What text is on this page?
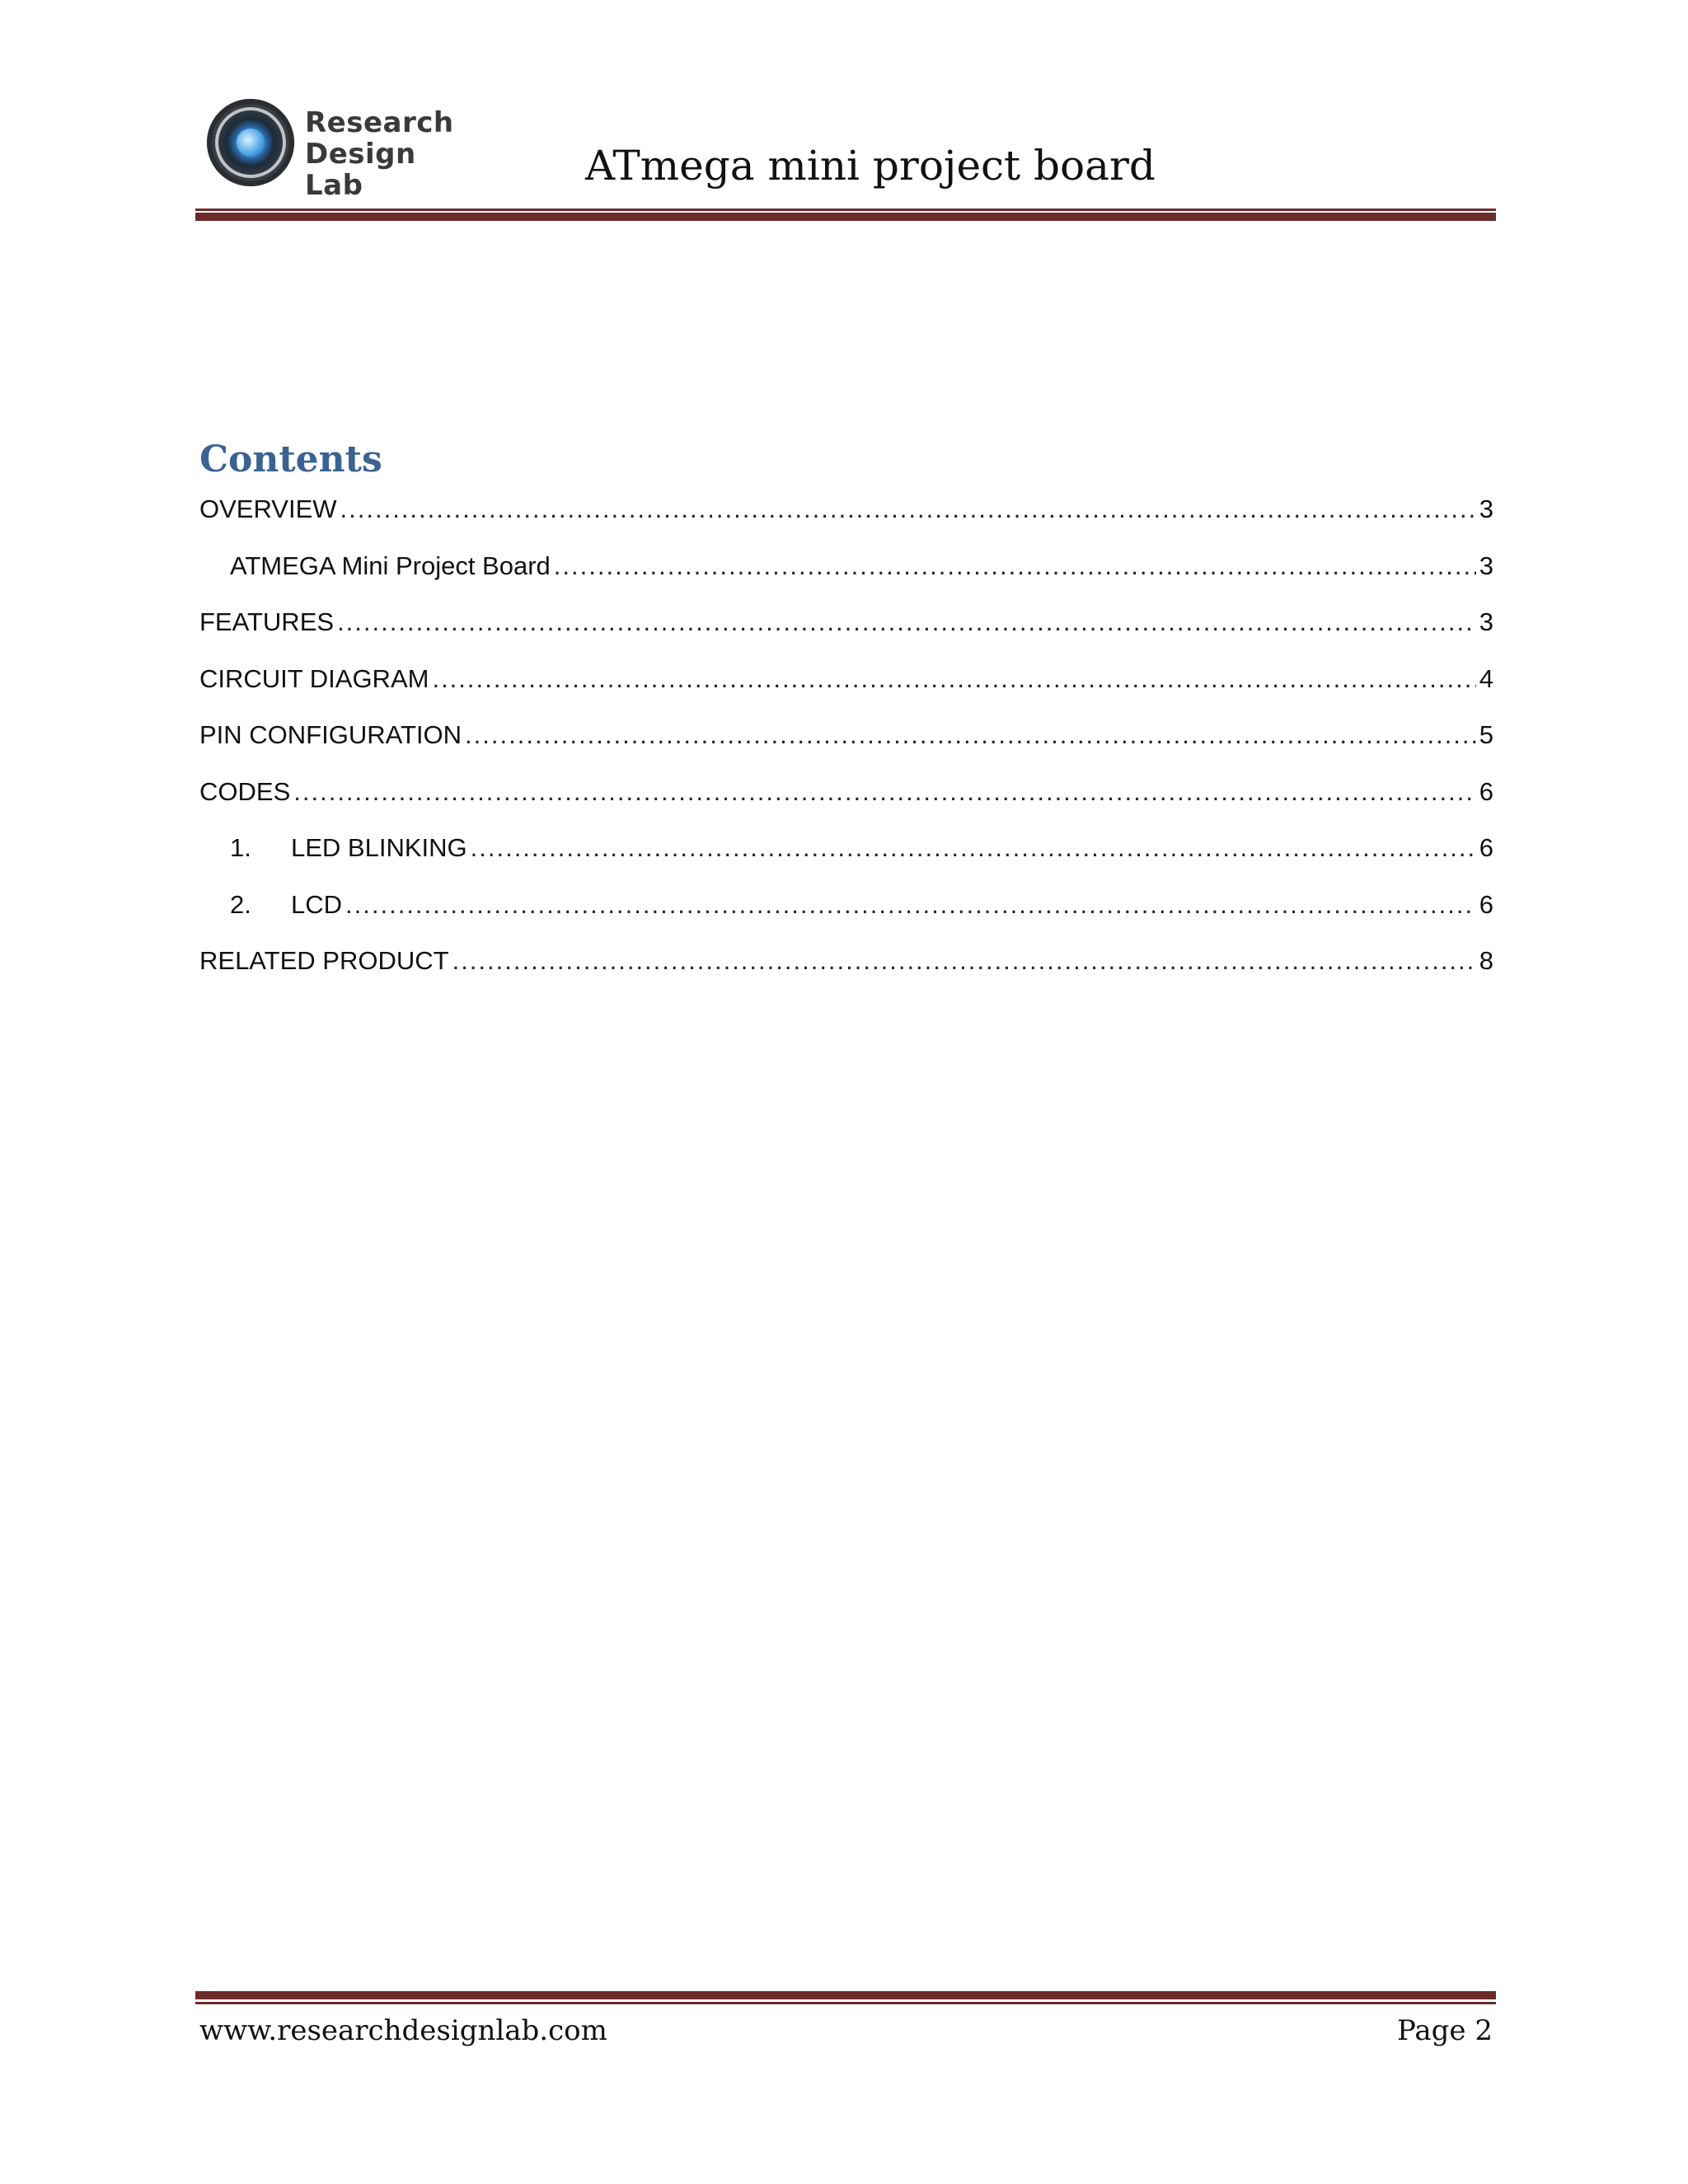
Research
Design Lab	ATmega mini project board
Contents
OVERVIEW .....	3
ATMEGA Mini Project Board .....	3
FEATURES .....	3
CIRCUIT DIAGRAM .....	4
PIN CONFIGURATION .....	5
CODES .....	6
1.	LED BLINKING .....	6
2.	LCD .....	6
RELATED PRODUCT .....	8
www.researchdesignlab.com	Page 2
